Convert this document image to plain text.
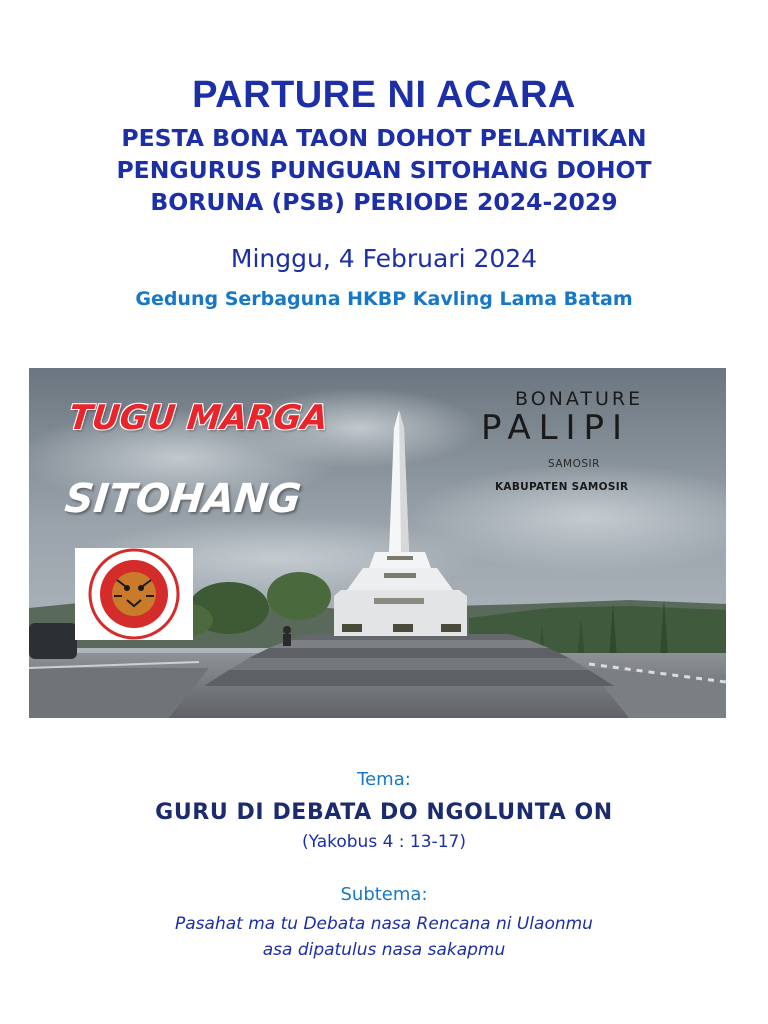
PARTURE NI ACARA
PESTA BONA TAON DOHOT PELANTIKAN
PENGURUS PUNGUAN SITOHANG DOHOT
BORUNA (PSB) PERIODE 2024-2029
Minggu, 4 Februari 2024
Gedung Serbaguna HKBP Kavling Lama Batam
TUGU MARGA
SITOHANG
BONATURE
PALIPI
SAMOSIR
KABUPATEN SAMOSIR
Tema:
GURU DI DEBATA DO NGOLUNTA ON
(Yakobus 4 : 13-17)
Subtema:
Pasahat ma tu Debata nasa Rencana ni Ulaonmu
asa dipatulus nasa sakapmu
